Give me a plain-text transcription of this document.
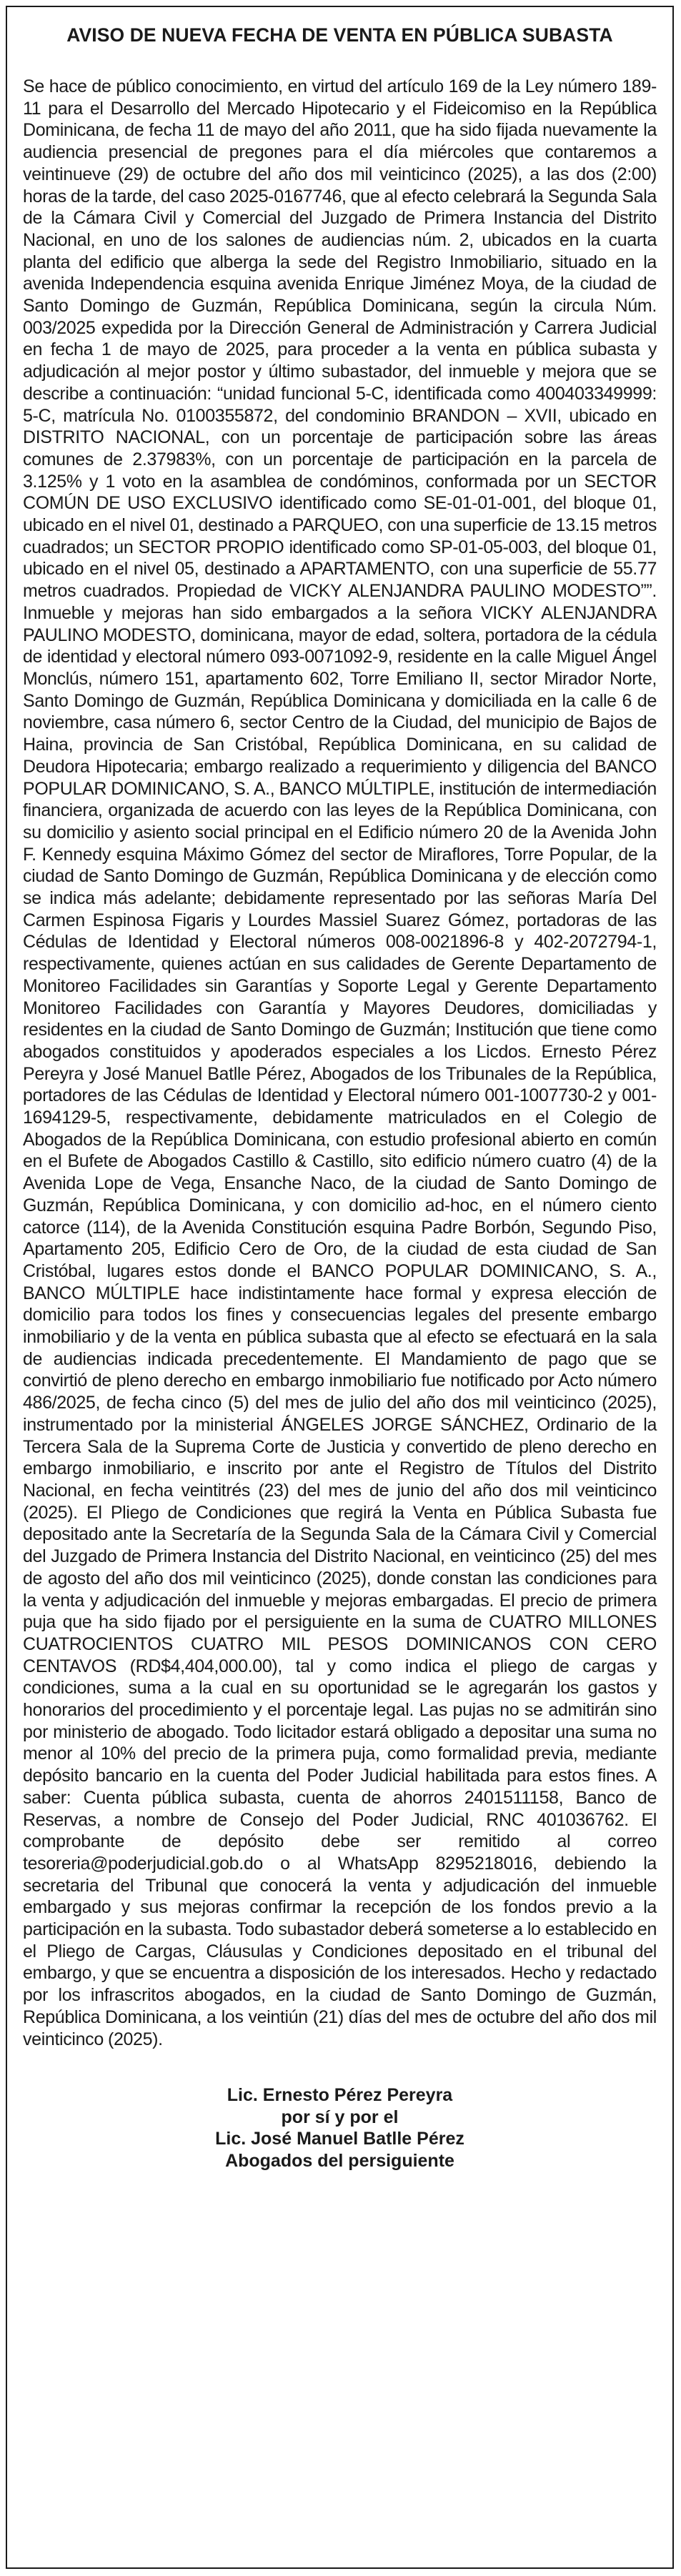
AVISO DE NUEVA FECHA DE VENTA EN PÚBLICA SUBASTA

Se hace de público conocimiento, en virtud del artículo 169 de la Ley número 189-11 para el Desarrollo del Mercado Hipotecario y el Fideicomiso en la República Dominicana, de fecha 11 de mayo del año 2011, que ha sido fijada nuevamente la audiencia presencial de pregones para el día miércoles que contaremos a veintinueve (29) de octubre del año dos mil veinticinco (2025), a las dos (2:00) horas de la tarde, del caso 2025-0167746, que al efecto celebrará la Segunda Sala de la Cámara Civil y Comercial del Juzgado de Primera Instancia del Distrito Nacional, en uno de los salones de audiencias núm. 2, ubicados en la cuarta planta del edificio que alberga la sede del Registro Inmobiliario, situado en la avenida Independencia esquina avenida Enrique Jiménez Moya, de la ciudad de Santo Domingo de Guzmán, República Dominicana, según la circula Núm. 003/2025 expedida por la Dirección General de Administración y Carrera Judicial en fecha 1 de mayo de 2025, para proceder a la venta en pública subasta y adjudicación al mejor postor y último subastador, del inmueble y mejora que se describe a continuación: “unidad funcional 5-C, identificada como 400403349999: 5-C, matrícula No. 0100355872, del condominio BRANDON – XVII, ubicado en DISTRITO NACIONAL, con un porcentaje de participación sobre las áreas comunes de 2.37983%, con un porcentaje de participación en la parcela de 3.125% y 1 voto en la asamblea de condóminos, conformada por un SECTOR COMÚN DE USO EXCLUSIVO identificado como SE-01-01-001, del bloque 01, ubicado en el nivel 01, destinado a PARQUEO, con una superficie de 13.15 metros cuadrados; un SECTOR PROPIO identificado como SP-01-05-003, del bloque 01, ubicado en el nivel 05, destinado a APARTAMENTO, con una superficie de 55.77 metros cuadrados. Propiedad de VICKY ALENJANDRA PAULINO MODESTO””. Inmueble y mejoras han sido embargados a la señora VICKY ALENJANDRA PAULINO MODESTO, dominicana, mayor de edad, soltera, portadora de la cédula de identidad y electoral número 093-0071092-9, residente en la calle Miguel Ángel Monclús, número 151, apartamento 602, Torre Emiliano II, sector Mirador Norte, Santo Domingo de Guzmán, República Dominicana y domiciliada en la calle 6 de noviembre, casa número 6, sector Centro de la Ciudad, del municipio de Bajos de Haina, provincia de San Cristóbal, República Dominicana, en su calidad de Deudora Hipotecaria; embargo realizado a requerimiento y diligencia del BANCO POPULAR DOMINICANO, S. A., BANCO MÚLTIPLE, institución de intermediación financiera, organizada de acuerdo con las leyes de la República Dominicana, con su domicilio y asiento social principal en el Edificio número 20 de la Avenida John F. Kennedy esquina Máximo Gómez del sector de Miraflores, Torre Popular, de la ciudad de Santo Domingo de Guzmán, República Dominicana y de elección como se indica más adelante; debidamente representado por las señoras María Del Carmen Espinosa Figaris y Lourdes Massiel Suarez Gómez, portadoras de las Cédulas de Identidad y Electoral números 008-0021896-8 y 402-2072794-1, respectivamente, quienes actúan en sus calidades de Gerente Departamento de Monitoreo Facilidades sin Garantías y Soporte Legal y Gerente Departamento Monitoreo Facilidades con Garantía y Mayores Deudores, domiciliadas y residentes en la ciudad de Santo Domingo de Guzmán; Institución que tiene como abogados constituidos y apoderados especiales a los Licdos. Ernesto Pérez Pereyra y José Manuel Batlle Pérez, Abogados de los Tribunales de la República, portadores de las Cédulas de Identidad y Electoral número 001-1007730-2 y 001-1694129-5, respectivamente, debidamente matriculados en el Colegio de Abogados de la República Dominicana, con estudio profesional abierto en común en el Bufete de Abogados Castillo & Castillo, sito edificio número cuatro (4) de la Avenida Lope de Vega, Ensanche Naco, de la ciudad de Santo Domingo de Guzmán, República Dominicana, y con domicilio ad-hoc, en el número ciento catorce (114), de la Avenida Constitución esquina Padre Borbón, Segundo Piso, Apartamento 205, Edificio Cero de Oro, de la ciudad de esta ciudad de San Cristóbal, lugares estos donde el BANCO POPULAR DOMINICANO, S. A., BANCO MÚLTIPLE hace indistintamente hace formal y expresa elección de domicilio para todos los fines y consecuencias legales del presente embargo inmobiliario y de la venta en pública subasta que al efecto se efectuará en la sala de audiencias indicada precedentemente. El Mandamiento de pago que se convirtió de pleno derecho en embargo inmobiliario fue notificado por Acto número 486/2025, de fecha cinco (5) del mes de julio del año dos mil veinticinco (2025), instrumentado por la ministerial ÁNGELES JORGE SÁNCHEZ, Ordinario de la Tercera Sala de la Suprema Corte de Justicia y convertido de pleno derecho en embargo inmobiliario, e inscrito por ante el Registro de Títulos del Distrito Nacional, en fecha veintitrés (23) del mes de junio del año dos mil veinticinco (2025). El Pliego de Condiciones que regirá la Venta en Pública Subasta fue depositado ante la Secretaría de la Segunda Sala de la Cámara Civil y Comercial del Juzgado de Primera Instancia del Distrito Nacional, en veinticinco (25) del mes de agosto del año dos mil veinticinco (2025), donde constan las condiciones para la venta y adjudicación del inmueble y mejoras embargadas. El precio de primera puja que ha sido fijado por el persiguiente en la suma de CUATRO MILLONES CUATROCIENTOS CUATRO MIL PESOS DOMINICANOS CON CERO CENTAVOS (RD$4,404,000.00), tal y como indica el pliego de cargas y condiciones, suma a la cual en su oportunidad se le agregarán los gastos y honorarios del procedimiento y el porcentaje legal. Las pujas no se admitirán sino por ministerio de abogado. Todo licitador estará obligado a depositar una suma no menor al 10% del precio de la primera puja, como formalidad previa, mediante depósito bancario en la cuenta del Poder Judicial habilitada para estos fines. A saber: Cuenta pública subasta, cuenta de ahorros 2401511158, Banco de Reservas, a nombre de Consejo del Poder Judicial, RNC 401036762. El comprobante de depósito debe ser remitido al correo tesoreria@poderjudicial.gob.do o al WhatsApp 8295218016, debiendo la secretaria del Tribunal que conocerá la venta y adjudicación del inmueble embargado y sus mejoras confirmar la recepción de los fondos previo a la participación en la subasta. Todo subastador deberá someterse a lo establecido en el Pliego de Cargas, Cláusulas y Condiciones depositado en el tribunal del embargo, y que se encuentra a disposición de los interesados. Hecho y redactado por los infrascritos abogados, en la ciudad de Santo Domingo de Guzmán, República Dominicana, a los veintiún (21) días del mes de octubre del año dos mil veinticinco (2025).

Lic. Ernesto Pérez Pereyra
por sí y por el
Lic. José Manuel Batlle Pérez
Abogados del persiguiente
